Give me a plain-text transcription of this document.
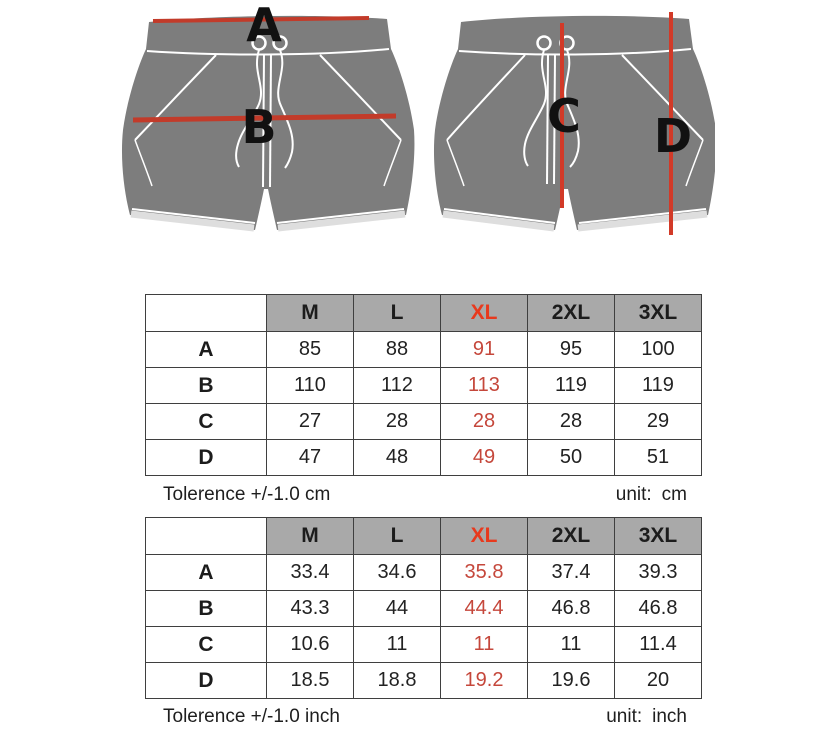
A
B	C D
	M	L	XL	2XL	3XL
A	85	88	91	95	100
B	110	112	113	119	119
C	27	28	28	28	29
D	47	48	49	50	51
Tolerence +/-1.0 cm	unit: cm
	M	L	XL	2XL	3XL
A	33.4	34.6	35.8	37.4	39.3
B	43.3	44	44.4	46.8	46.8
C	10.6	11	11	11	11.4
D	18.5	18.8	19.2	19.6	20
Tolerence +/-1.0 inch	unit: inch
